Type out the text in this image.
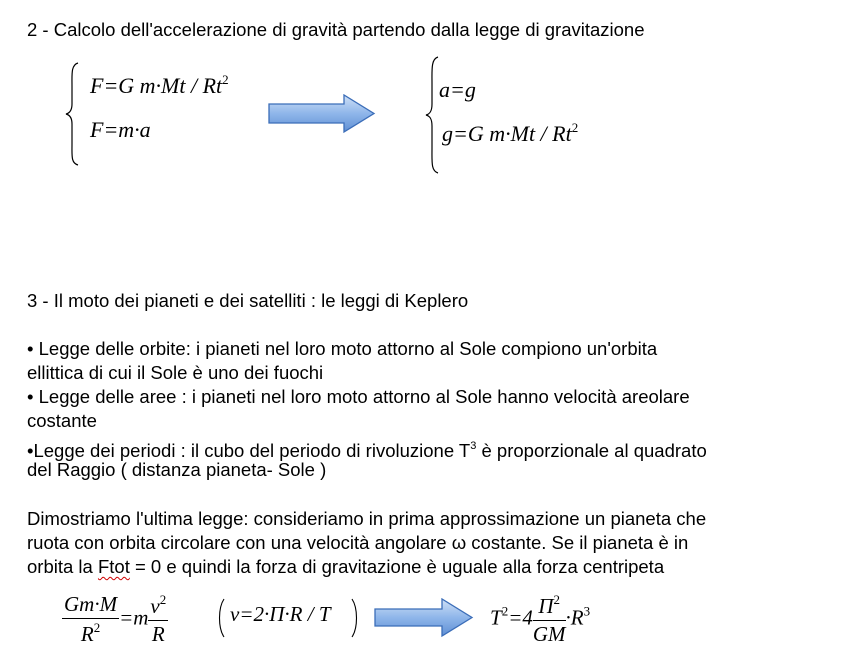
2 - Calcolo dell'accelerazione di gravità partendo dalla legge di gravitazione
F=G m·Mt / Rt$^2$
F=m·a
a=g
g=G m·Mt / Rt$^2$
3 - Il moto dei pianeti e dei satelliti : le leggi di Keplero
• Legge delle orbite: i pianeti nel loro moto attorno al Sole compiono un'orbita
ellittica di cui il Sole è uno dei fuochi
• Legge delle aree : i pianeti nel loro moto attorno al Sole hanno velocità areolare
costante
•Legge dei periodi : il cubo del periodo di rivoluzione $T^3$ è proporzionale al quadrato
del Raggio ( distanza pianeta- Sole )
Dimostriamo l'ultima legge: consideriamo in prima approssimazione un pianeta che
ruota con orbita circolare con una velocità angolare ω costante. Se il pianeta è in
orbita la Ftot = 0 e quindi la forza di gravitazione è uguale alla forza centripeta
$\frac{Gm\cdot M}{R^2} =m \frac{v^2}{R}$	v=2·Π·R / T	$T^2=4 \frac{\Pi^2}{GM} \cdot R^3$
